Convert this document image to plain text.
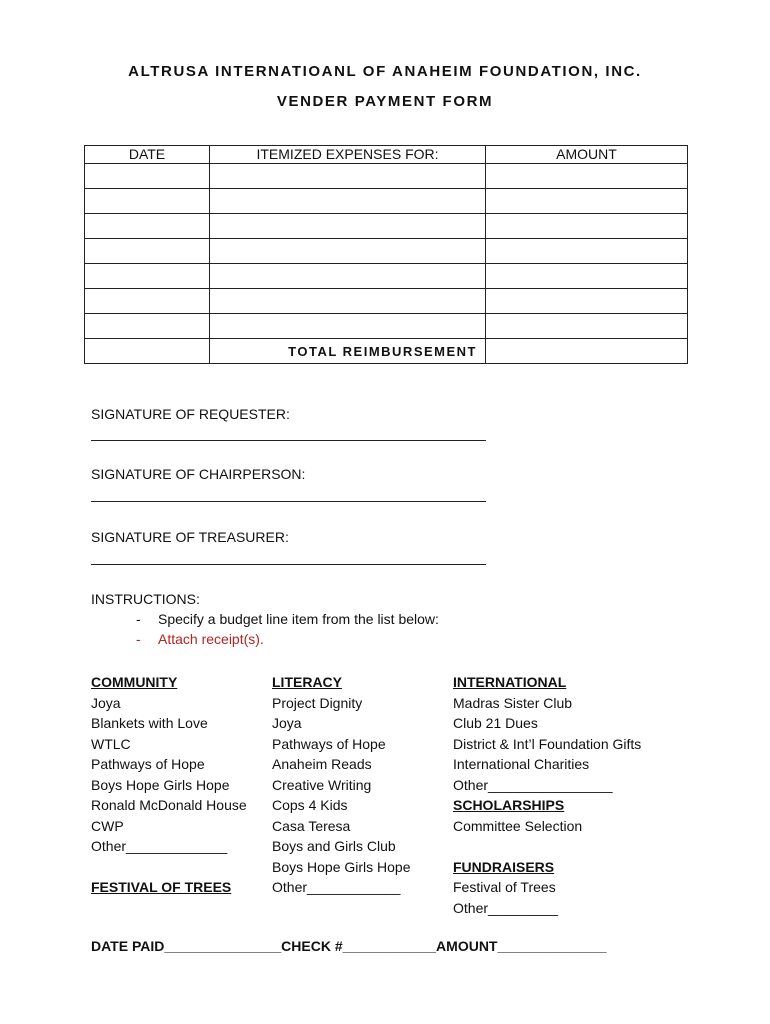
ALTRUSA INTERNATIOANL OF ANAHEIM FOUNDATION, INC.
VENDER PAYMENT FORM
DATE	ITEMIZED EXPENSES FOR:	AMOUNT

	TOTAL REIMBURSEMENT	
SIGNATURE OF REQUESTER:
SIGNATURE OF CHAIRPERSON:
SIGNATURE OF TREASURER:
INSTRUCTIONS:
- Specify a budget line item from the list below:
- Attach receipt(s).
COMMUNITY
Joya
Blankets with Love
WTLC
Pathways of Hope
Boys Hope Girls Hope
Ronald McDonald House
CWP
Other_____________

FESTIVAL OF TREES
LITERACY
Project Dignity
Joya
Pathways of Hope
Anaheim Reads
Creative Writing
Cops 4 Kids
Casa Teresa
Boys and Girls Club
Boys Hope Girls Hope
Other____________
INTERNATIONAL
Madras Sister Club
Club 21 Dues
District & Int’l Foundation Gifts
International Charities
Other________________
SCHOLARSHIPS
Committee Selection

FUNDRAISERS
Festival of Trees
Other_________
DATE PAID_______________CHECK #____________AMOUNT______________
